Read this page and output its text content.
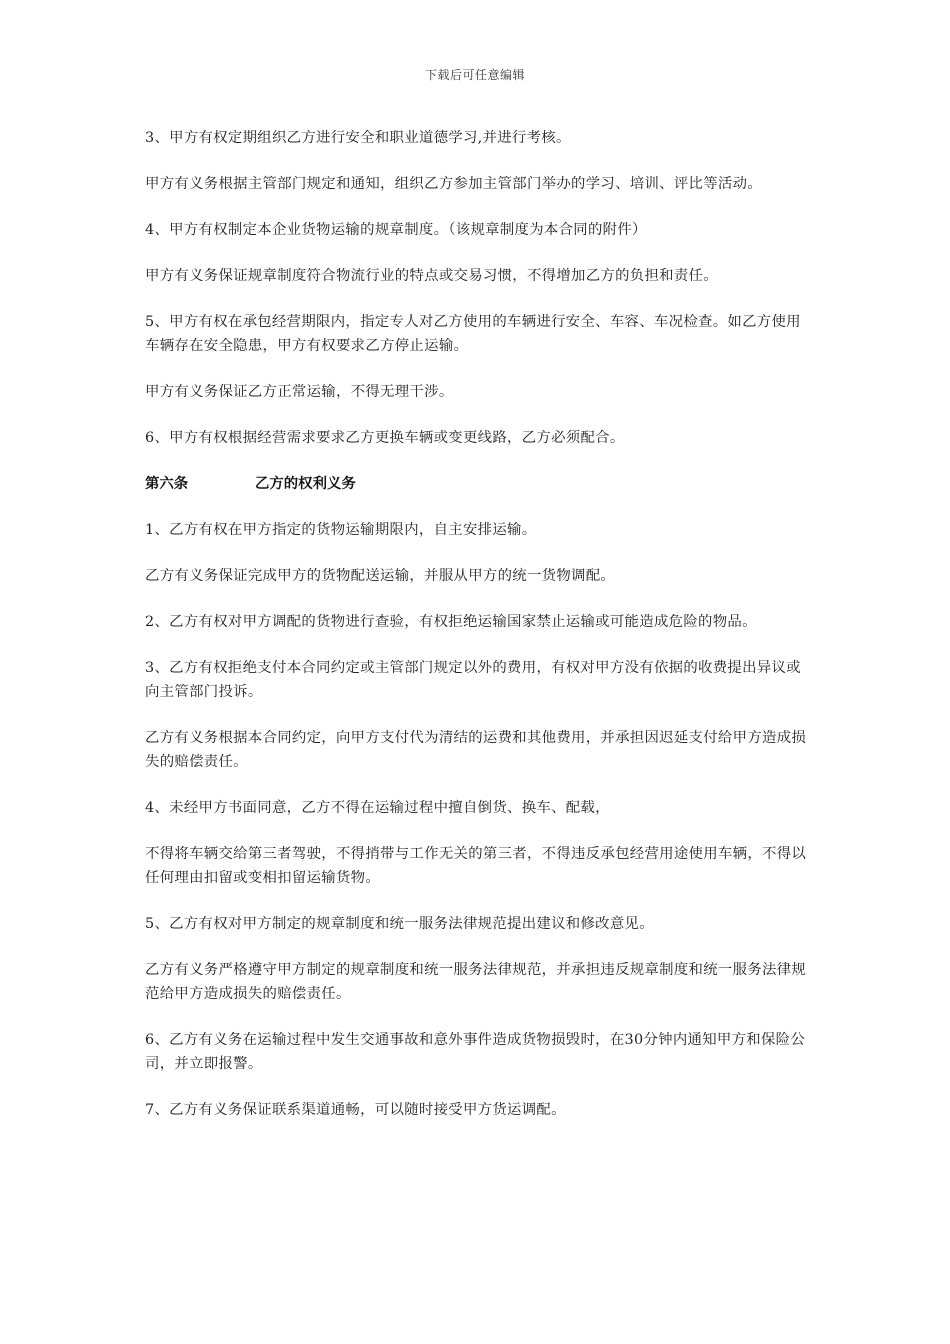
下载后可任意编辑

3、甲方有权定期组织乙方进行安全和职业道德学习,并进行考核。

甲方有义务根据主管部门规定和通知，组织乙方参加主管部门举办的学习、培训、评比等活动。

4、甲方有权制定本企业货物运输的规章制度。（该规章制度为本合同的附件）

甲方有义务保证规章制度符合物流行业的特点或交易习惯，不得增加乙方的负担和责任。

5、甲方有权在承包经营期限内，指定专人对乙方使用的车辆进行安全、车容、车况检查。如乙方使用车辆存在安全隐患，甲方有权要求乙方停止运输。

甲方有义务保证乙方正常运输，不得无理干涉。

6、甲方有权根据经营需求要求乙方更换车辆或变更线路，乙方必须配合。

第六条	乙方的权利义务

1、乙方有权在甲方指定的货物运输期限内，自主安排运输。

乙方有义务保证完成甲方的货物配送运输，并服从甲方的统一货物调配。

2、乙方有权对甲方调配的货物进行查验，有权拒绝运输国家禁止运输或可能造成危险的物品。

3、乙方有权拒绝支付本合同约定或主管部门规定以外的费用，有权对甲方没有依据的收费提出异议或向主管部门投诉。

乙方有义务根据本合同约定，向甲方支付代为清结的运费和其他费用，并承担因迟延支付给甲方造成损失的赔偿责任。

4、未经甲方书面同意，乙方不得在运输过程中擅自倒货、换车、配载，

不得将车辆交给第三者驾驶，不得捎带与工作无关的第三者，不得违反承包经营用途使用车辆，不得以任何理由扣留或变相扣留运输货物。

5、乙方有权对甲方制定的规章制度和统一服务法律规范提出建议和修改意见。

乙方有义务严格遵守甲方制定的规章制度和统一服务法律规范，并承担违反规章制度和统一服务法律规范给甲方造成损失的赔偿责任。

6、乙方有义务在运输过程中发生交通事故和意外事件造成货物损毁时，在30分钟内通知甲方和保险公司，并立即报警。

7、乙方有义务保证联系渠道通畅，可以随时接受甲方货运调配。
